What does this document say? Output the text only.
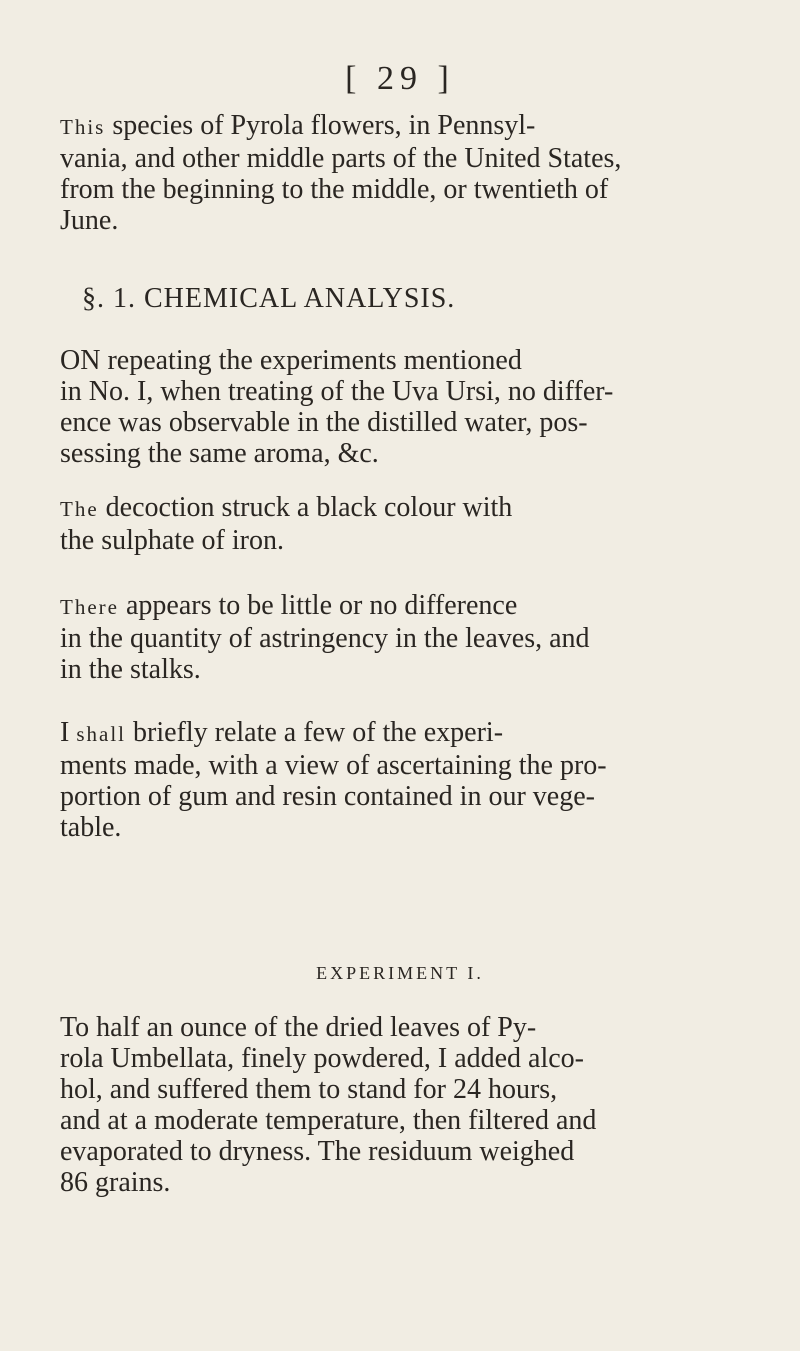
[ 29 ]

This species of Pyrola flowers, in Pennsyl-
vania, and other middle parts of the United States,
from the beginning to the middle, or twentieth of
June.

§. 1. CHEMICAL ANALYSIS.

ON repeating the experiments mentioned
in No. I, when treating of the Uva Ursi, no differ-
ence was observable in the distilled water, pos-
sessing the same aroma, &c.

The decoction struck a black colour with
the sulphate of iron.

There appears to be little or no difference
in the quantity of astringency in the leaves, and
in the stalks.

I shall briefly relate a few of the experi-
ments made, with a view of ascertaining the pro-
portion of gum and resin contained in our vege-
table.

EXPERIMENT I.

To half an ounce of the dried leaves of Py-
rola Umbellata, finely powdered, I added alco-
hol, and suffered them to stand for 24 hours,
and at a moderate temperature, then filtered and
evaporated to dryness. The residuum weighed
86 grains.
